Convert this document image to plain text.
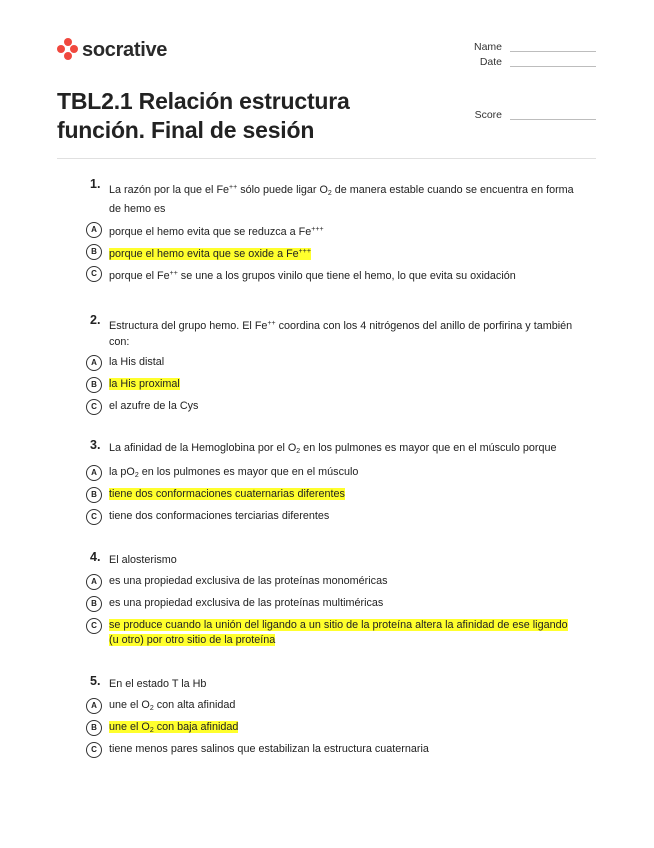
socrative	Name
Date
Score
TBL2.1 Relación estructura función. Final de sesión
1. La razón por la que el Fe++ sólo puede ligar $O_2$ de manera estable cuando se encuentra en forma de hemo es
A	porque el hemo evita que se reduzca a Fe+++
B	porque el hemo evita que se oxide a Fe+++
C	porque el Fe++ se une a los grupos vinilo que tiene el hemo, lo que evita su oxidación
2. Estructura del grupo hemo. El Fe++ coordina con los 4 nitrógenos del anillo de porfirina y también con:
A	la His distal
B	la His proximal
C	el azufre de la Cys
3. La afinidad de la Hemoglobina por el $O_2$ en los pulmones es mayor que en el músculo porque
A	la $pO_2$ en los pulmones es mayor que en el músculo
B	tiene dos conformaciones cuaternarias diferentes
C	tiene dos conformaciones terciarias diferentes
4. El alosterismo
A	es una propiedad exclusiva de las proteínas monoméricas
B	es una propiedad exclusiva de las proteínas multiméricas
C	se produce cuando la unión del ligando a un sitio de la proteína altera la afinidad de ese ligando (u otro) por otro sitio de la proteína
5. En el estado T la Hb
A	une el $O_2$ con alta afinidad
B	une el $O_2$ con baja afinidad
C	tiene menos pares salinos que estabilizan la estructura cuaternaria
